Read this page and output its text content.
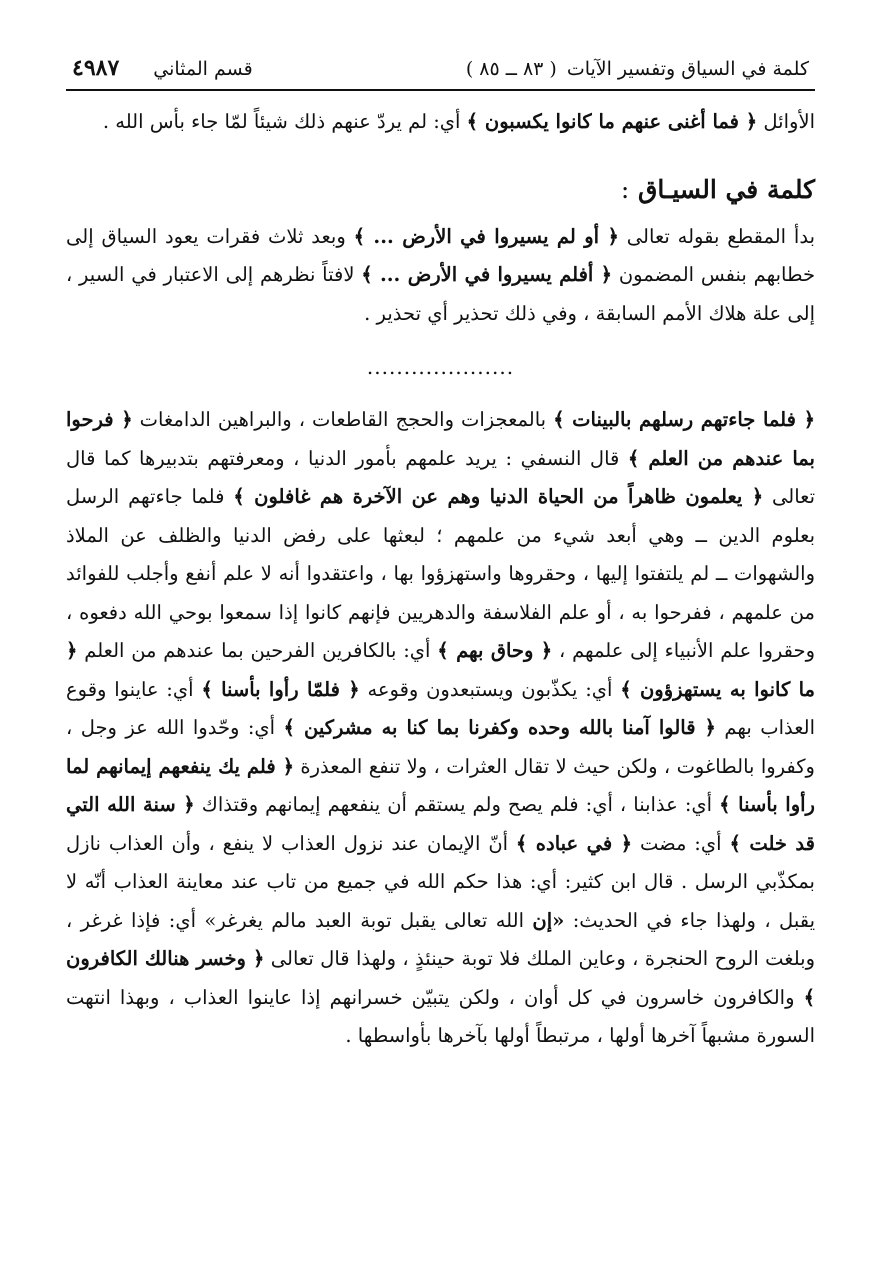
كلمة في السياق وتفسير الآيات
( ٨٣ ــ ٨٥ )
قسم المثاني
٤٩٨٧

الأوائل ﴿ فما أغنى عنهم ما كانوا يكسبون ﴾ أي: لم يردّ عنهم ذلك شيئاً لمّا جاء بأس الله .

كلمة في السيـاق :

بدأ المقطع بقوله تعالى ﴿ أو لم يسيروا في الأرض ... ﴾ وبعد ثلاث فقرات يعود السياق إلى خطابهم بنفس المضمون ﴿ أفلم يسيروا في الأرض ... ﴾ لافتاً نظرهم إلى الاعتبار في السير ، إلى علة هلاك الأمم السابقة ، وفي ذلك تحذير أي تحذير .

....................

﴿ فلما جاءتهم رسلهم بالبينات ﴾ بالمعجزات والحجج القاطعات ، والبراهين الدامغات ﴿ فرحوا بما عندهم من العلم ﴾ قال النسفي : يريد علمهم بأمور الدنيا ، ومعرفتهم بتدبيرها كما قال تعالى ﴿ يعلمون ظاهراً من الحياة الدنيا وهم عن الآخرة هم غافلون ﴾ فلما جاءتهم الرسل بعلوم الدين ــ وهي أبعد شيء من علمهم ؛ لبعثها على رفض الدنيا والظلف عن الملاذ والشهوات ــ لم يلتفتوا إليها ، وحقروها واستهزؤوا بها ، واعتقدوا أنه لا علم أنفع وأجلب للفوائد من علمهم ، ففرحوا به ، أو علم الفلاسفة والدهريين فإنهم كانوا إذا سمعوا بوحي الله دفعوه ، وحقروا علم الأنبياء إلى علمهم ، ﴿ وحاق بهم ﴾ أي: بالكافرين الفرحين بما عندهم من العلم ﴿ ما كانوا به يستهزؤون ﴾ أي: يكذّبون ويستبعدون وقوعه ﴿ فلمّا رأوا بأسنا ﴾ أي: عاينوا وقوع العذاب بهم ﴿ قالوا آمنا بالله وحده وكفرنا بما كنا به مشركين ﴾ أي: وحّدوا الله عز وجل ، وكفروا بالطاغوت ، ولكن حيث لا تقال العثرات ، ولا تنفع المعذرة ﴿ فلم يك ينفعهم إيمانهم لما رأوا بأسنا ﴾ أي: عذابنا ، أي: فلم يصح ولم يستقم أن ينفعهم إيمانهم وقتذاك ﴿ سنة الله التي قد خلت ﴾ أي: مضت ﴿ في عباده ﴾ أنّ الإيمان عند نزول العذاب لا ينفع ، وأن العذاب نازل بمكذّبي الرسل . قال ابن كثير: أي: هذا حكم الله في جميع من تاب عند معاينة العذاب أنّه لا يقبل ، ولهذا جاء في الحديث: «إن الله تعالى يقبل توبة العبد مالم يغرغر» أي: فإذا غرغر ، وبلغت الروح الحنجرة ، وعاين الملك فلا توبة حينئذٍ ، ولهذا قال تعالى ﴿ وخسر هنالك الكافرون ﴾ والكافرون خاسرون في كل أوان ، ولكن يتبيّن خسرانهم إذا عاينوا العذاب ، وبهذا انتهت السورة مشبهاً آخرها أولها ، مرتبطاً أولها بآخرها بأواسطها .
